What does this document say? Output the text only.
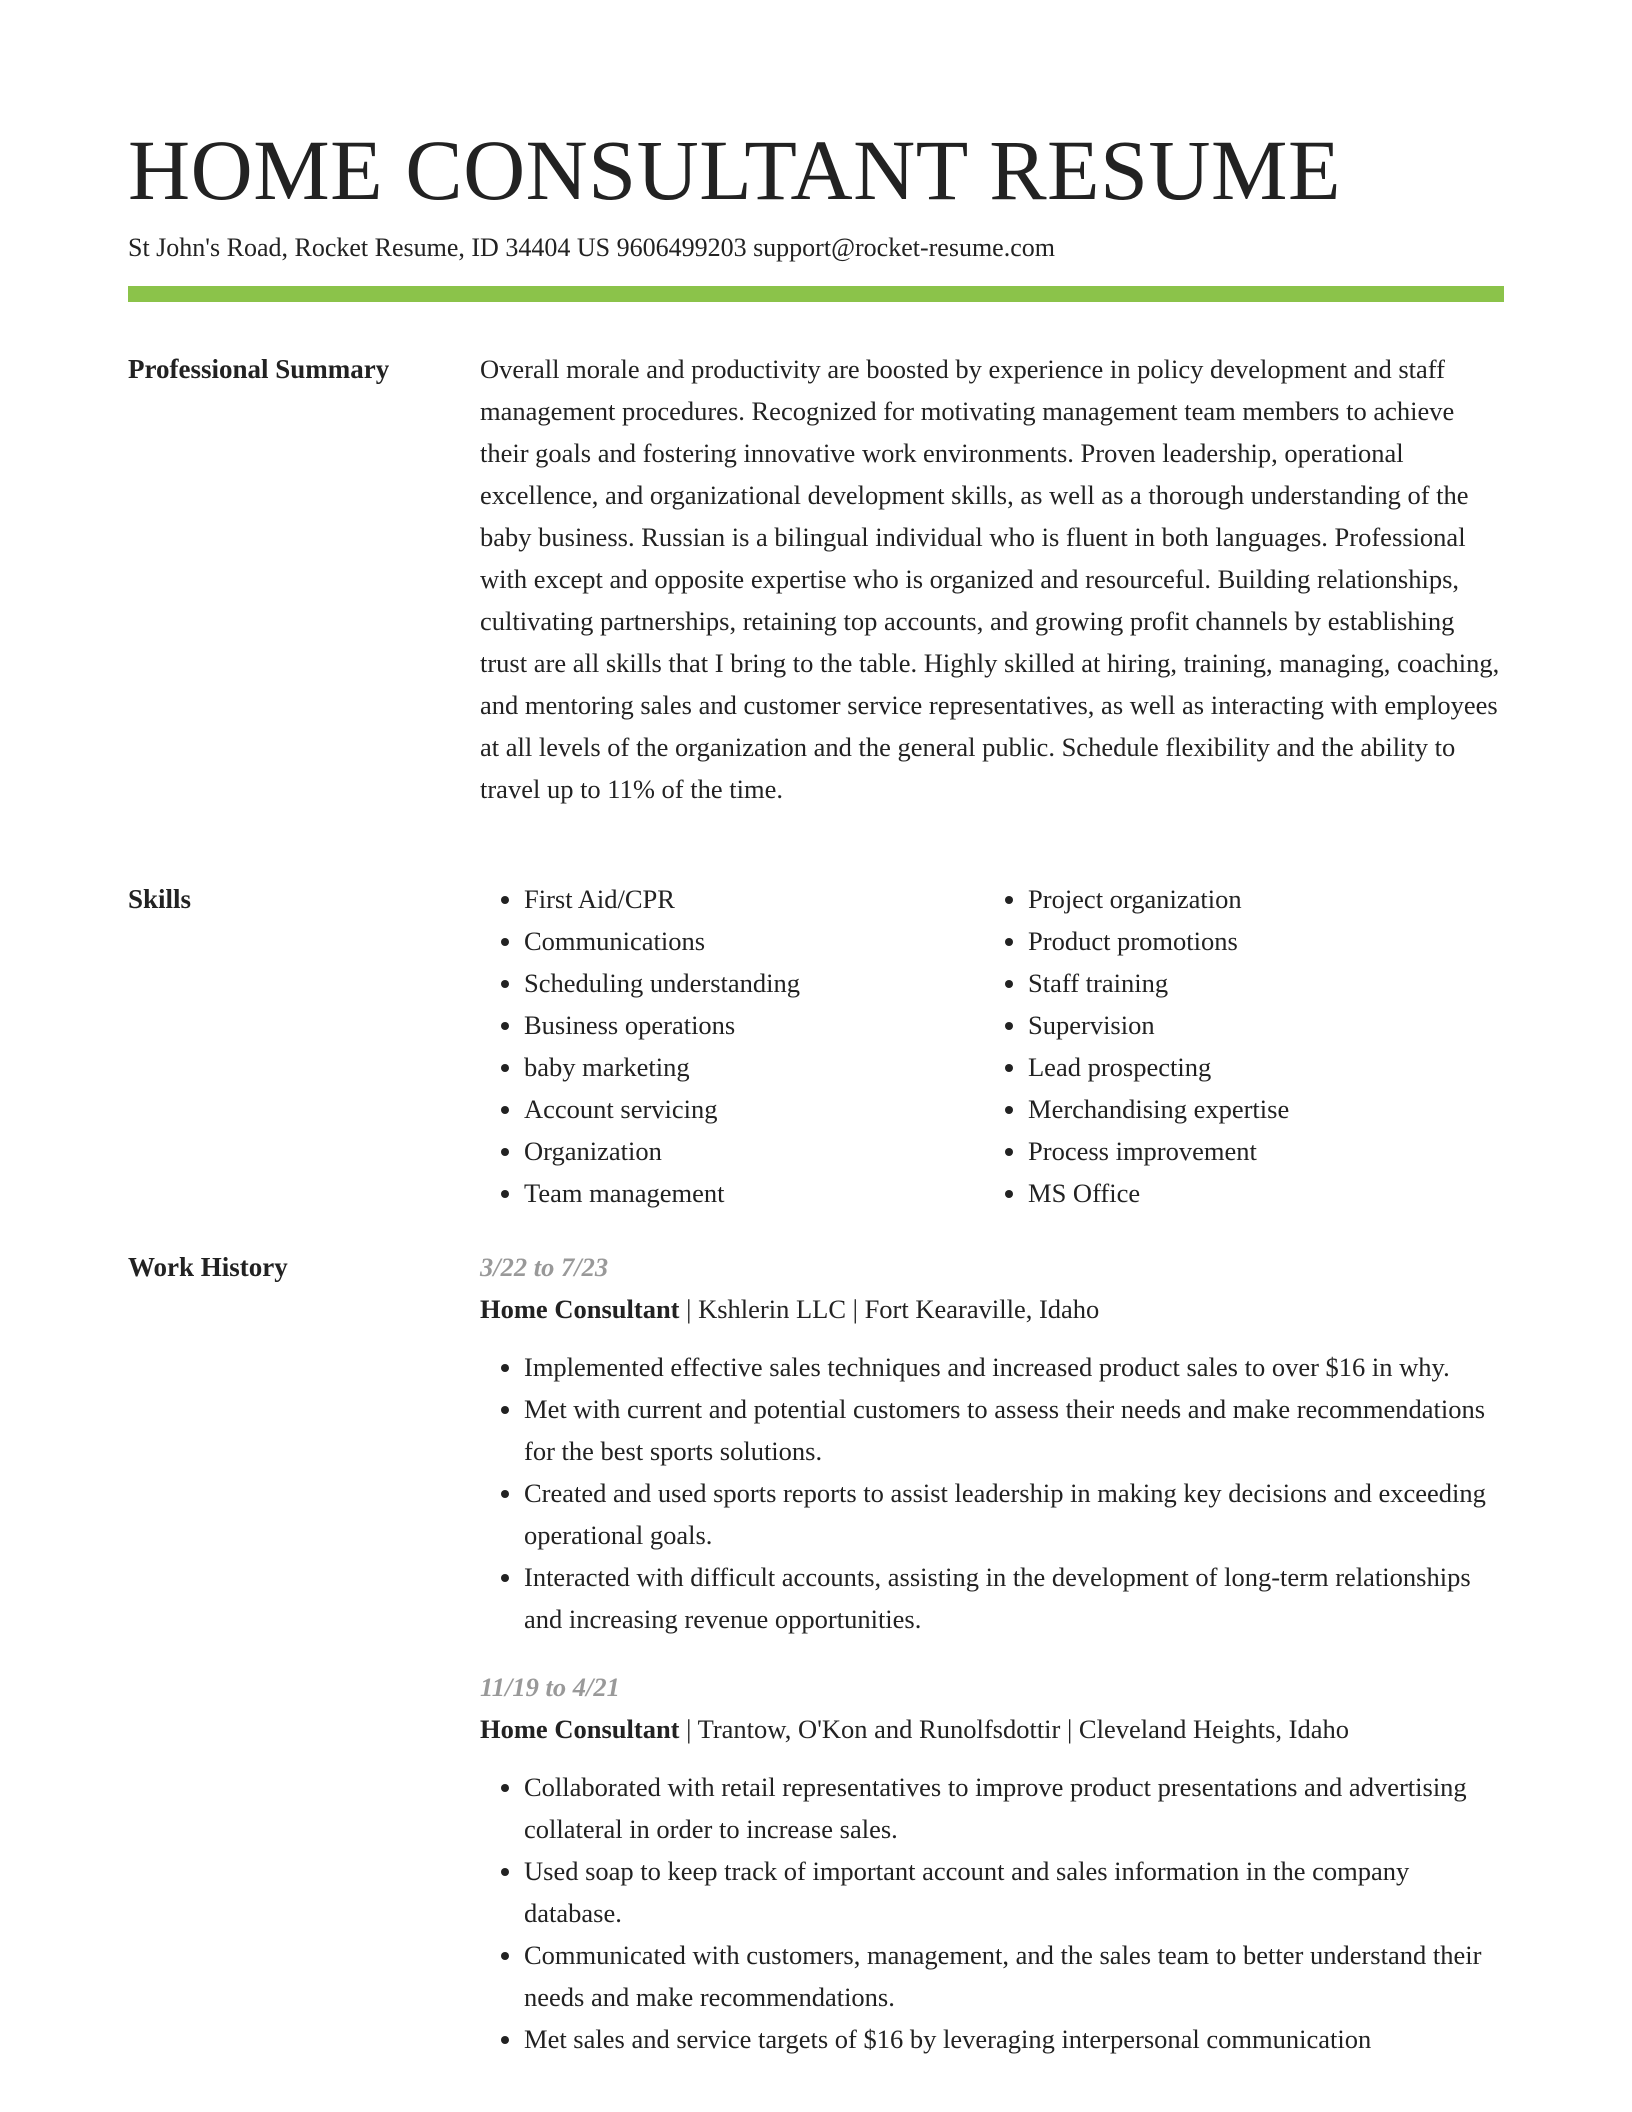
HOME CONSULTANT RESUME
St John's Road, Rocket Resume, ID 34404 US 9606499203 support@rocket-resume.com
Professional Summary	Overall morale and productivity are boosted by experience in policy development and staff management procedures. Recognized for motivating management team members to achieve their goals and fostering innovative work environments. Proven leadership, operational excellence, and organizational development skills, as well as a thorough understanding of the baby business. Russian is a bilingual individual who is fluent in both languages. Professional with except and opposite expertise who is organized and resourceful. Building relationships, cultivating partnerships, retaining top accounts, and growing profit channels by establishing trust are all skills that I bring to the table. Highly skilled at hiring, training, managing, coaching, and mentoring sales and customer service representatives, as well as interacting with employees at all levels of the organization and the general public. Schedule flexibility and the ability to travel up to 11% of the time.

Skills
•	First Aid/CPR
• Communications
• Scheduling understanding
• Business operations
• baby marketing
• Account servicing
• Organization
• Team management
• Project organization
• Product promotions
• Staff training
• Supervision
• Lead prospecting
• Merchandising expertise
• Process improvement
• MS Office
Work History	3/22 to 7/23
Home Consultant | Kshlerin LLC | Fort Kearaville, Idaho
• Implemented effective sales techniques and increased product sales to over $16 in why.
• Met with current and potential customers to assess their needs and make recommendations for the best sports solutions.
• Created and used sports reports to assist leadership in making key decisions and exceeding operational goals.
• Interacted with difficult accounts, assisting in the development of long-term relationships and increasing revenue opportunities.
11/19 to 4/21
Home Consultant | Trantow, O'Kon and Runolfsdottir | Cleveland Heights, Idaho
• Collaborated with retail representatives to improve product presentations and advertising collateral in order to increase sales.
• Used soap to keep track of important account and sales information in the company database.
• Communicated with customers, management, and the sales team to better understand their needs and make recommendations.
• Met sales and service targets of $16 by leveraging interpersonal communication
